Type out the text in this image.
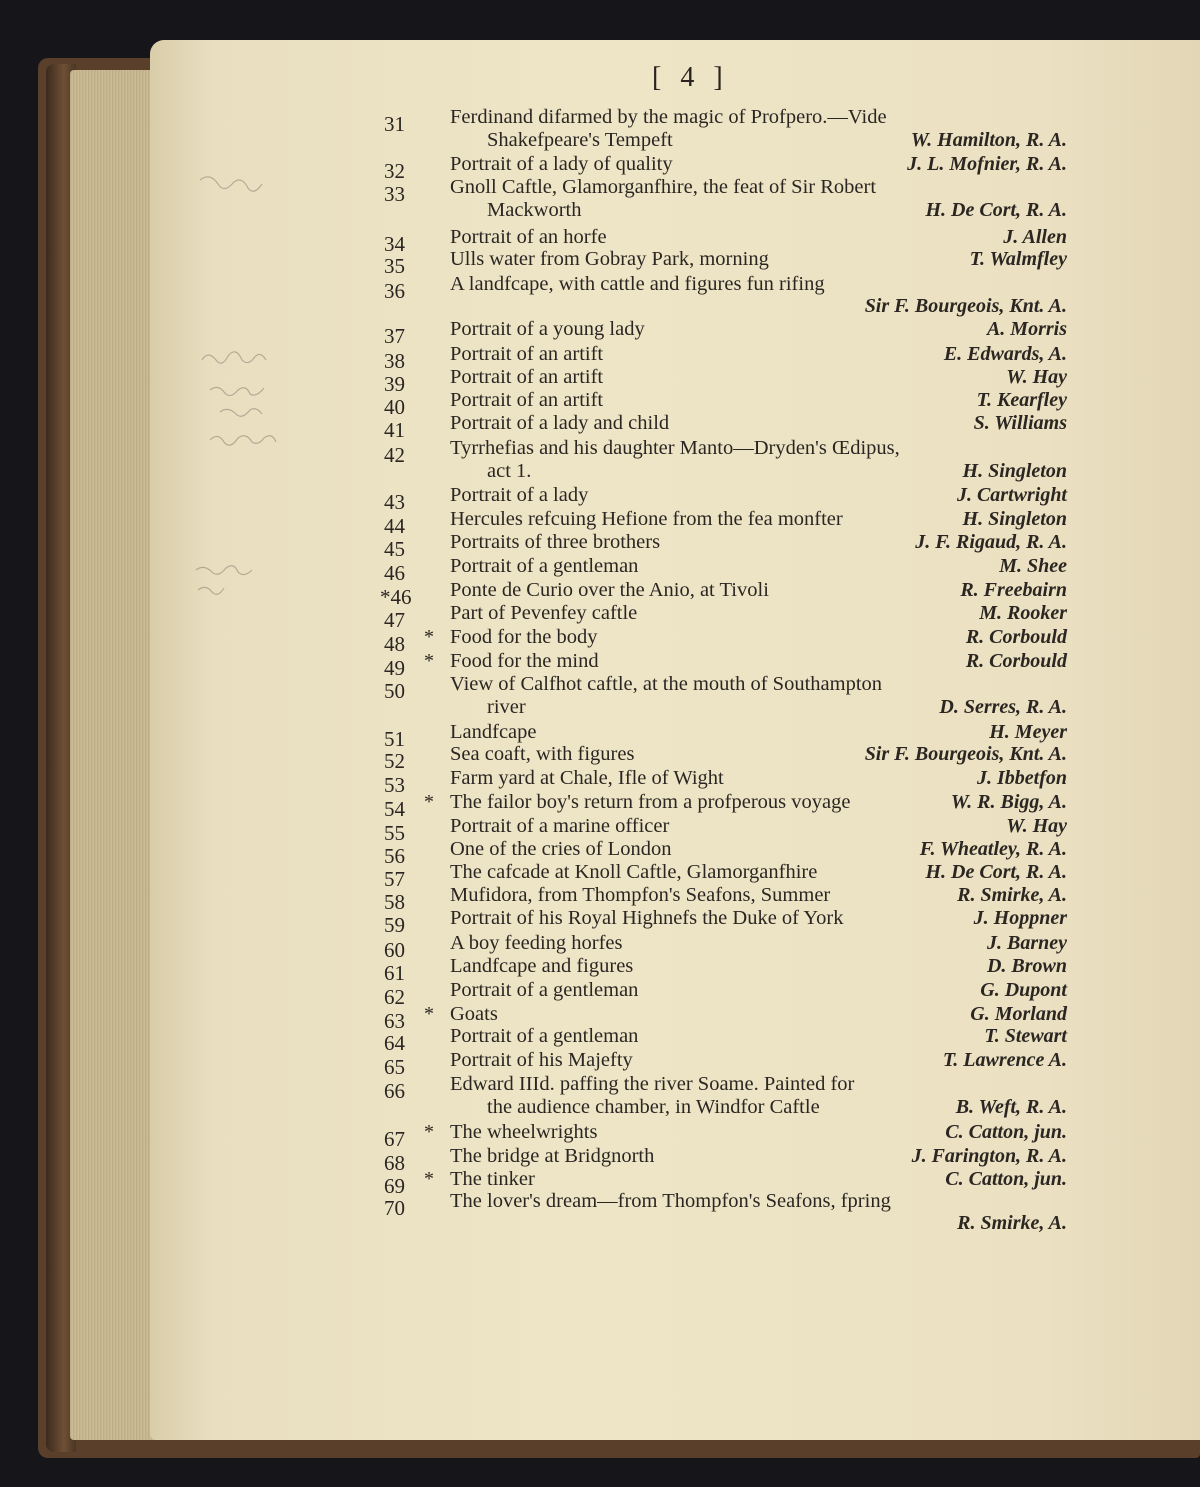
[ 4 ]
31	Ferdinand difarmed by the magic of Profpero.—Vide
Shakefpeare's Tempeft	W. Hamilton, R. A.
32	Portrait of a lady of quality	J. L. Mofnier, R. A.
33	Gnoll Caftle, Glamorganfhire, the feat of Sir Robert
Mackworth	H. De Cort, R. A.
34	Portrait of an horfe	J. Allen
35	Ulls water from Gobray Park, morning	T. Walmfley
36	A landfcape, with cattle and figures fun rifing
Sir F. Bourgeois, Knt. A.
37	Portrait of a young lady	A. Morris
38	Portrait of an artift	E. Edwards, A.
39	Portrait of an artift	W. Hay
40	Portrait of an artift	T. Kearfley
41	Portrait of a lady and child	S. Williams
42	Tyrrhefias and his daughter Manto—Dryden's Œdipus,
act 1.	H. Singleton
43	Portrait of a lady	J. Cartwright
44	Hercules refcuing Hefione from the fea monfter	H. Singleton
45	Portraits of three brothers	J. F. Rigaud, R. A.
46	Portrait of a gentleman	M. Shee
*46	Ponte de Curio over the Anio, at Tivoli	R. Freebairn
47	Part of Pevenfey caftle	M. Rooker
48 * Food for the body	R. Corbould
49 * Food for the mind	R. Corbould
50	View of Calfhot caftle, at the mouth of Southampton
river	D. Serres, R. A.
51	Landfcape	H. Meyer
52	Sea coaft, with figures	Sir F. Bourgeois, Knt. A.
53	Farm yard at Chale, Ifle of Wight	J. Ibbetfon
54 * The failor boy's return from a profperous voyage	W. R. Bigg, A.
55	Portrait of a marine officer	W. Hay
56	One of the cries of London	F. Wheatley, R. A.
57	The cafcade at Knoll Caftle, Glamorganfhire	H. De Cort, R. A.
58	Mufidora, from Thompfon's Seafons, Summer	R. Smirke, A.
59	Portrait of his Royal Highnefs the Duke of York	J. Hoppner
60	A boy feeding horfes	J. Barney
61	Landfcape and figures	D. Brown
62	Portrait of a gentleman	G. Dupont
63 * Goats	G. Morland
64	Portrait of a gentleman	T. Stewart
65	Portrait of his Majefty	T. Lawrence A.
66	Edward IIId. paffing the river Soame. Painted for
the audience chamber, in Windfor Caftle	B. Weft, R. A.
67 * The wheelwrights	C. Catton, jun.
68	The bridge at Bridgnorth	J. Farington, R. A.
69 * The tinker	C. Catton, jun.
70	The lover's dream—from Thompfon's Seafons, fpring
R. Smirke, A.
